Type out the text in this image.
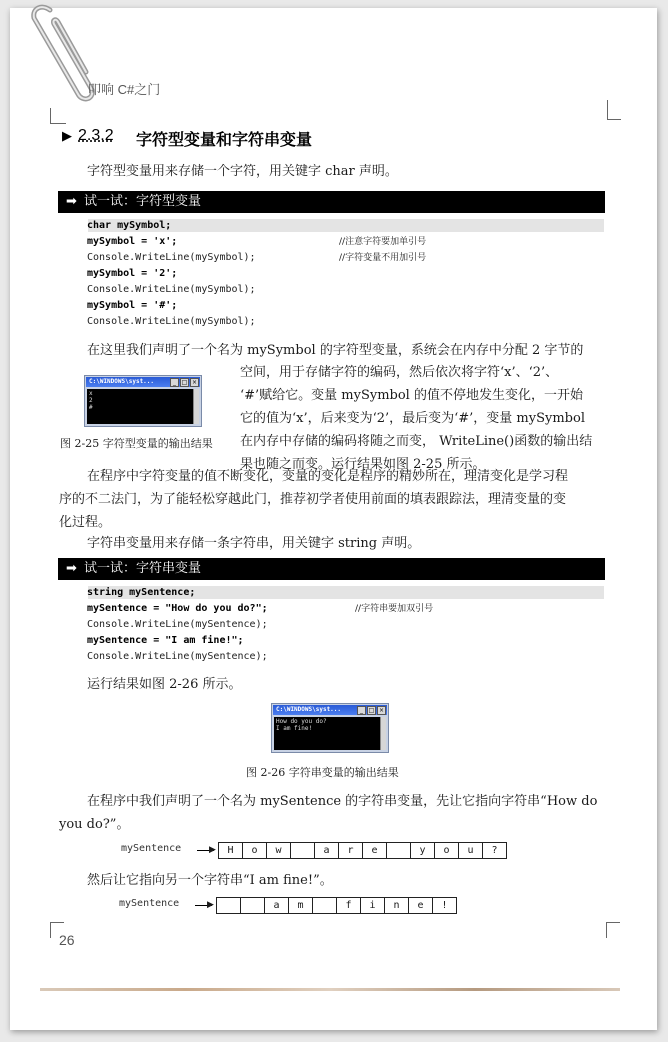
叩响 C#之门
▶ 2.3.2 字符型变量和字符串变量
字符型变量用来存储一个字符，用关键字 char 声明。
➡ 试一试：字符型变量
char mySymbol;
mySymbol = 'x';	//注意字符要加单引号
Console.WriteLine(mySymbol);	//字符变量不用加引号
mySymbol = '2';
Console.WriteLine(mySymbol);
mySymbol = '#';
Console.WriteLine(mySymbol);
在这里我们声明了一个名为 mySymbol 的字符型变量，系统会在内存中分配 2 字节的
空间，用于存储字符的编码，然后依次将字符‘x’、‘2’、
‘#’赋给它。变量 mySymbol 的值不停地发生变化，一开始
它的值为‘x’，后来变为‘2’，最后变为‘#’，变量 mySymbol
在内存中存储的编码将随之而变， WriteLine()函数的输出结
果也随之而变。运行结果如图 2-25 所示。
C:\WINDOWS\syst...	_ □ ×
x
2
#
图 2-25 字符型变量的输出结果
在程序中字符变量的值不断变化，变量的变化是程序的精妙所在，理清变化是学习程
序的不二法门，为了能轻松穿越此门，推荐初学者使用前面的填表跟踪法，理清变量的变
化过程。
字符串变量用来存储一条字符串，用关键字 string 声明。
➡ 试一试：字符串变量
string mySentence;
mySentence = "How do you do?";	//字符串要加双引号
Console.WriteLine(mySentence);
mySentence = "I am fine!";
Console.WriteLine(mySentence);
运行结果如图 2-26 所示。
C:\WINDOWS\syst...	_ □ ×
How do you do?
I am fine!
图 2-26 字符串变量的输出结果
在程序中我们声明了一个名为 mySentence 的字符串变量，先让它指向字符串“How do
you do?”。
mySentence	▶	H	o	w	a	r	e	y	o	u	?
然后让它指向另一个字符串“I am fine!”。
mySentence	▶	a	m	f	i	n	e	!
26
